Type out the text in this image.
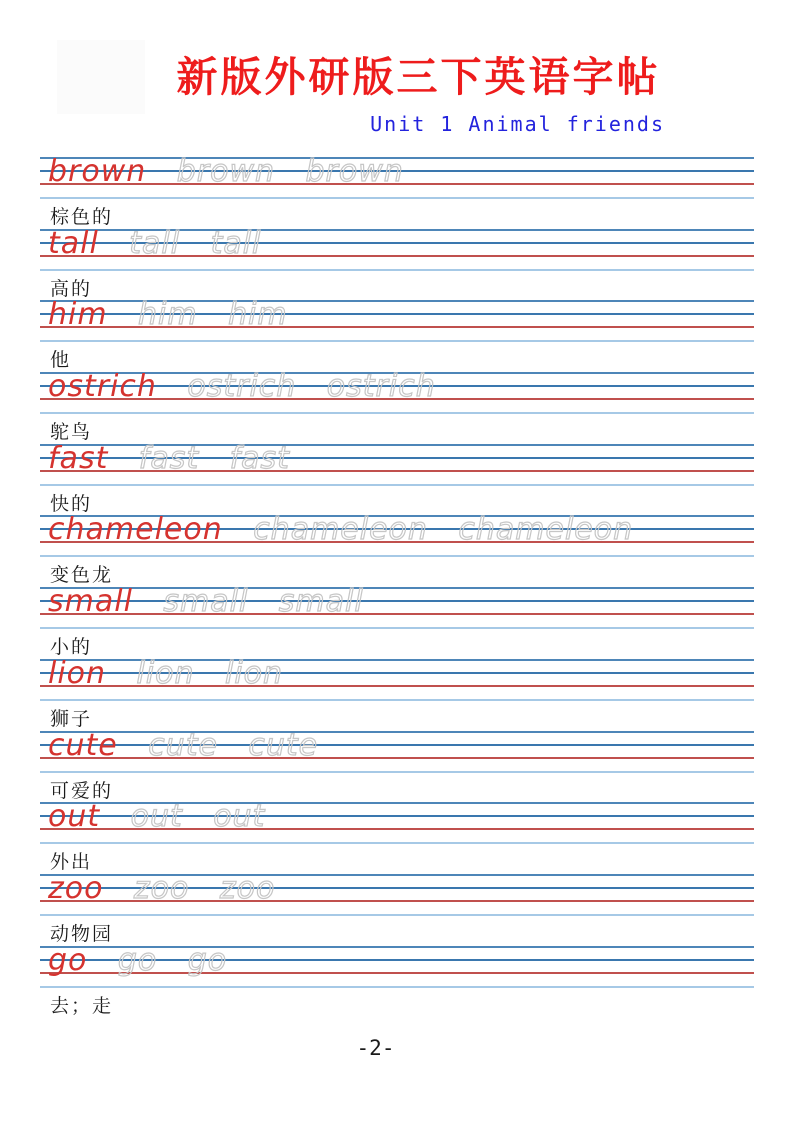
新版外研版三下英语字帖
Unit 1 Animal friends
brown brown brown
棕色的
tall tall tall
高的
him him him
他
ostrich ostrich ostrich
鸵鸟
fast fast fast
快的
chameleon chameleon chameleon
变色龙
small small small
小的
lion lion lion
狮子
cute cute cute
可爱的
out out out
外出
zoo zoo zoo
动物园
go go go
去；走
-2-
